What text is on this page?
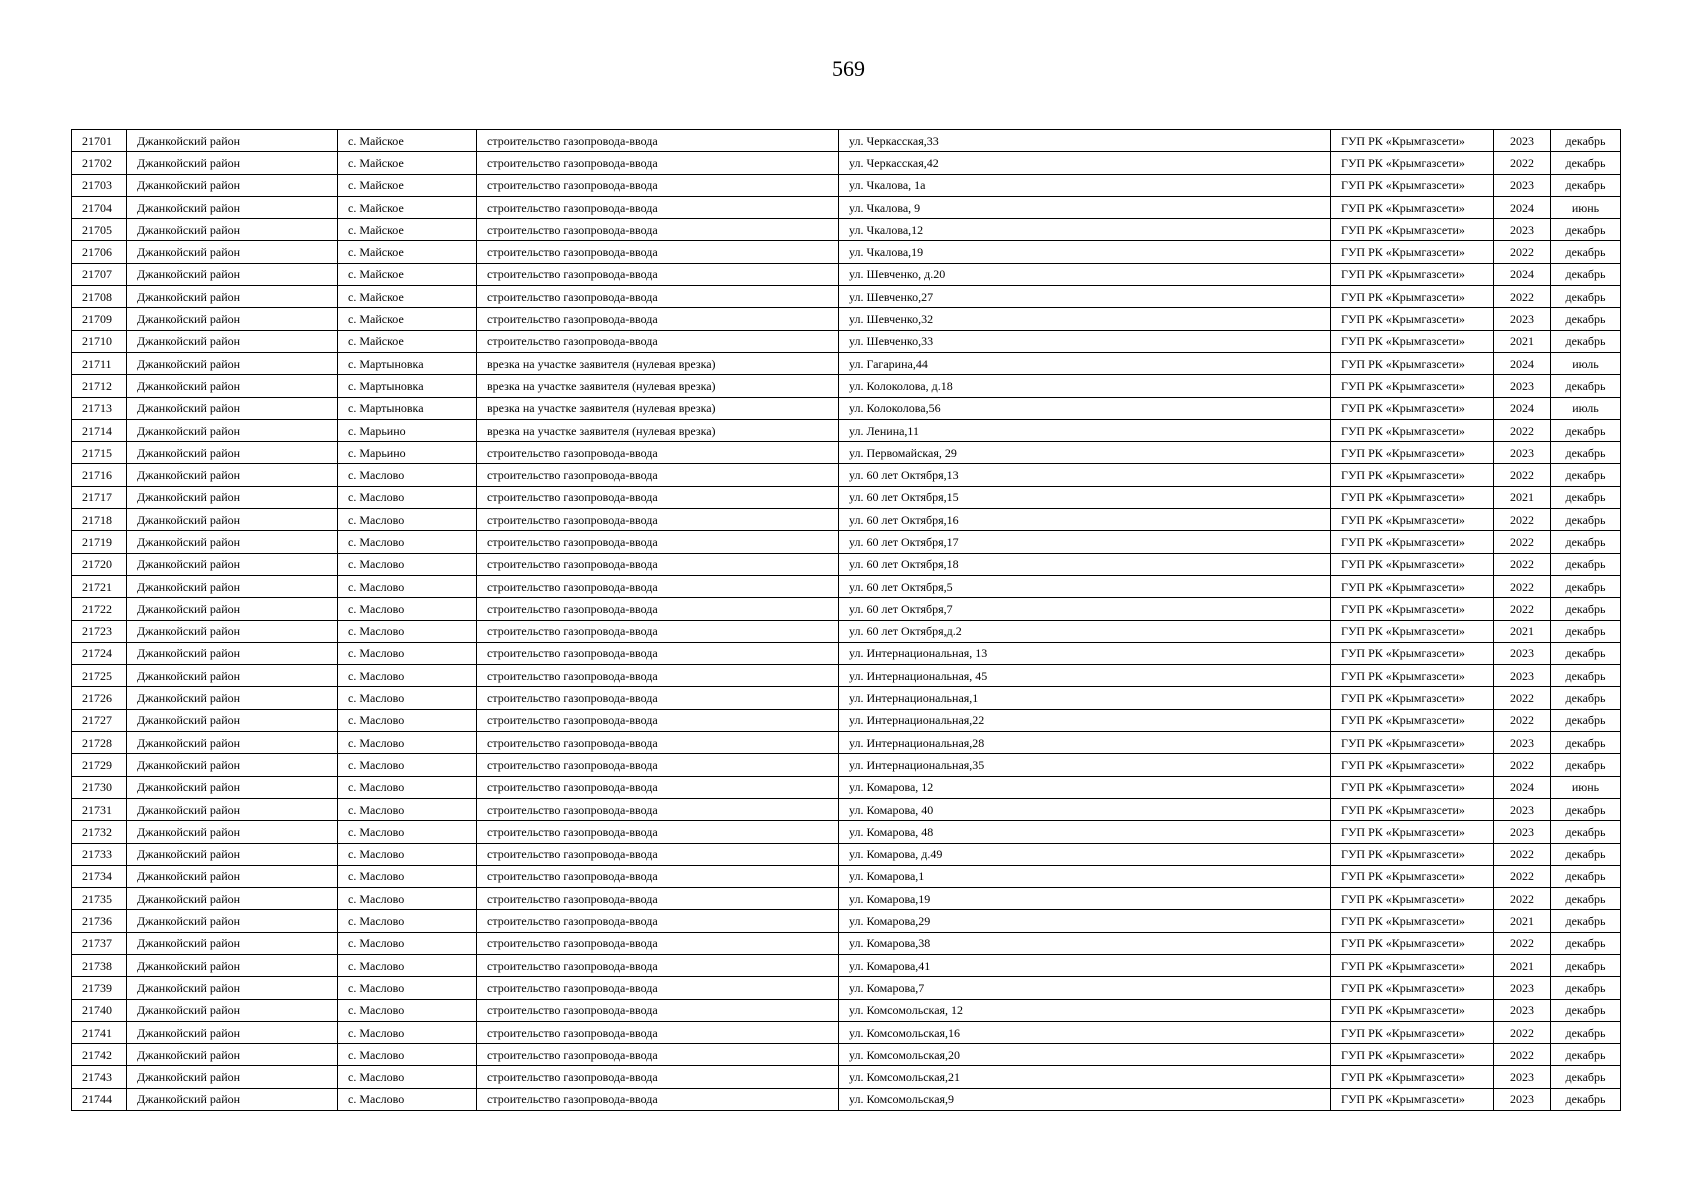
569
21701	Джанкойский район	с. Майское	строительство газопровода-ввода	ул. Черкасская,33	ГУП РК «Крымгазсети»	2023	декабрь
21702	Джанкойский район	с. Майское	строительство газопровода-ввода	ул. Черкасская,42	ГУП РК «Крымгазсети»	2022	декабрь
21703	Джанкойский район	с. Майское	строительство газопровода-ввода	ул. Чкалова, 1а	ГУП РК «Крымгазсети»	2023	декабрь
21704	Джанкойский район	с. Майское	строительство газопровода-ввода	ул. Чкалова, 9	ГУП РК «Крымгазсети»	2024	июнь
21705	Джанкойский район	с. Майское	строительство газопровода-ввода	ул. Чкалова,12	ГУП РК «Крымгазсети»	2023	декабрь
21706	Джанкойский район	с. Майское	строительство газопровода-ввода	ул. Чкалова,19	ГУП РК «Крымгазсети»	2022	декабрь
21707	Джанкойский район	с. Майское	строительство газопровода-ввода	ул. Шевченко, д.20	ГУП РК «Крымгазсети»	2024	декабрь
21708	Джанкойский район	с. Майское	строительство газопровода-ввода	ул. Шевченко,27	ГУП РК «Крымгазсети»	2022	декабрь
21709	Джанкойский район	с. Майское	строительство газопровода-ввода	ул. Шевченко,32	ГУП РК «Крымгазсети»	2023	декабрь
21710	Джанкойский район	с. Майское	строительство газопровода-ввода	ул. Шевченко,33	ГУП РК «Крымгазсети»	2021	декабрь
21711	Джанкойский район	с. Мартыновка	врезка на участке заявителя (нулевая врезка)	ул. Гагарина,44	ГУП РК «Крымгазсети»	2024	июль
21712	Джанкойский район	с. Мартыновка	врезка на участке заявителя (нулевая врезка)	ул. Колоколова, д.18	ГУП РК «Крымгазсети»	2023	декабрь
21713	Джанкойский район	с. Мартыновка	врезка на участке заявителя (нулевая врезка)	ул. Колоколова,56	ГУП РК «Крымгазсети»	2024	июль
21714	Джанкойский район	с. Марьино	врезка на участке заявителя (нулевая врезка)	ул. Ленина,11	ГУП РК «Крымгазсети»	2022	декабрь
21715	Джанкойский район	с. Марьино	строительство газопровода-ввода	ул. Первомайская, 29	ГУП РК «Крымгазсети»	2023	декабрь
21716	Джанкойский район	с. Маслово	строительство газопровода-ввода	ул. 60 лет Октября,13	ГУП РК «Крымгазсети»	2022	декабрь
21717	Джанкойский район	с. Маслово	строительство газопровода-ввода	ул. 60 лет Октября,15	ГУП РК «Крымгазсети»	2021	декабрь
21718	Джанкойский район	с. Маслово	строительство газопровода-ввода	ул. 60 лет Октября,16	ГУП РК «Крымгазсети»	2022	декабрь
21719	Джанкойский район	с. Маслово	строительство газопровода-ввода	ул. 60 лет Октября,17	ГУП РК «Крымгазсети»	2022	декабрь
21720	Джанкойский район	с. Маслово	строительство газопровода-ввода	ул. 60 лет Октября,18	ГУП РК «Крымгазсети»	2022	декабрь
21721	Джанкойский район	с. Маслово	строительство газопровода-ввода	ул. 60 лет Октября,5	ГУП РК «Крымгазсети»	2022	декабрь
21722	Джанкойский район	с. Маслово	строительство газопровода-ввода	ул. 60 лет Октября,7	ГУП РК «Крымгазсети»	2022	декабрь
21723	Джанкойский район	с. Маслово	строительство газопровода-ввода	ул. 60 лет Октября,д.2	ГУП РК «Крымгазсети»	2021	декабрь
21724	Джанкойский район	с. Маслово	строительство газопровода-ввода	ул. Интернациональная, 13	ГУП РК «Крымгазсети»	2023	декабрь
21725	Джанкойский район	с. Маслово	строительство газопровода-ввода	ул. Интернациональная, 45	ГУП РК «Крымгазсети»	2023	декабрь
21726	Джанкойский район	с. Маслово	строительство газопровода-ввода	ул. Интернациональная,1	ГУП РК «Крымгазсети»	2022	декабрь
21727	Джанкойский район	с. Маслово	строительство газопровода-ввода	ул. Интернациональная,22	ГУП РК «Крымгазсети»	2022	декабрь
21728	Джанкойский район	с. Маслово	строительство газопровода-ввода	ул. Интернациональная,28	ГУП РК «Крымгазсети»	2023	декабрь
21729	Джанкойский район	с. Маслово	строительство газопровода-ввода	ул. Интернациональная,35	ГУП РК «Крымгазсети»	2022	декабрь
21730	Джанкойский район	с. Маслово	строительство газопровода-ввода	ул. Комарова, 12	ГУП РК «Крымгазсети»	2024	июнь
21731	Джанкойский район	с. Маслово	строительство газопровода-ввода	ул. Комарова, 40	ГУП РК «Крымгазсети»	2023	декабрь
21732	Джанкойский район	с. Маслово	строительство газопровода-ввода	ул. Комарова, 48	ГУП РК «Крымгазсети»	2023	декабрь
21733	Джанкойский район	с. Маслово	строительство газопровода-ввода	ул. Комарова, д.49	ГУП РК «Крымгазсети»	2022	декабрь
21734	Джанкойский район	с. Маслово	строительство газопровода-ввода	ул. Комарова,1	ГУП РК «Крымгазсети»	2022	декабрь
21735	Джанкойский район	с. Маслово	строительство газопровода-ввода	ул. Комарова,19	ГУП РК «Крымгазсети»	2022	декабрь
21736	Джанкойский район	с. Маслово	строительство газопровода-ввода	ул. Комарова,29	ГУП РК «Крымгазсети»	2021	декабрь
21737	Джанкойский район	с. Маслово	строительство газопровода-ввода	ул. Комарова,38	ГУП РК «Крымгазсети»	2022	декабрь
21738	Джанкойский район	с. Маслово	строительство газопровода-ввода	ул. Комарова,41	ГУП РК «Крымгазсети»	2021	декабрь
21739	Джанкойский район	с. Маслово	строительство газопровода-ввода	ул. Комарова,7	ГУП РК «Крымгазсети»	2023	декабрь
21740	Джанкойский район	с. Маслово	строительство газопровода-ввода	ул. Комсомольская, 12	ГУП РК «Крымгазсети»	2023	декабрь
21741	Джанкойский район	с. Маслово	строительство газопровода-ввода	ул. Комсомольская,16	ГУП РК «Крымгазсети»	2022	декабрь
21742	Джанкойский район	с. Маслово	строительство газопровода-ввода	ул. Комсомольская,20	ГУП РК «Крымгазсети»	2022	декабрь
21743	Джанкойский район	с. Маслово	строительство газопровода-ввода	ул. Комсомольская,21	ГУП РК «Крымгазсети»	2023	декабрь
21744	Джанкойский район	с. Маслово	строительство газопровода-ввода	ул. Комсомольская,9	ГУП РК «Крымгазсети»	2023	декабрь
